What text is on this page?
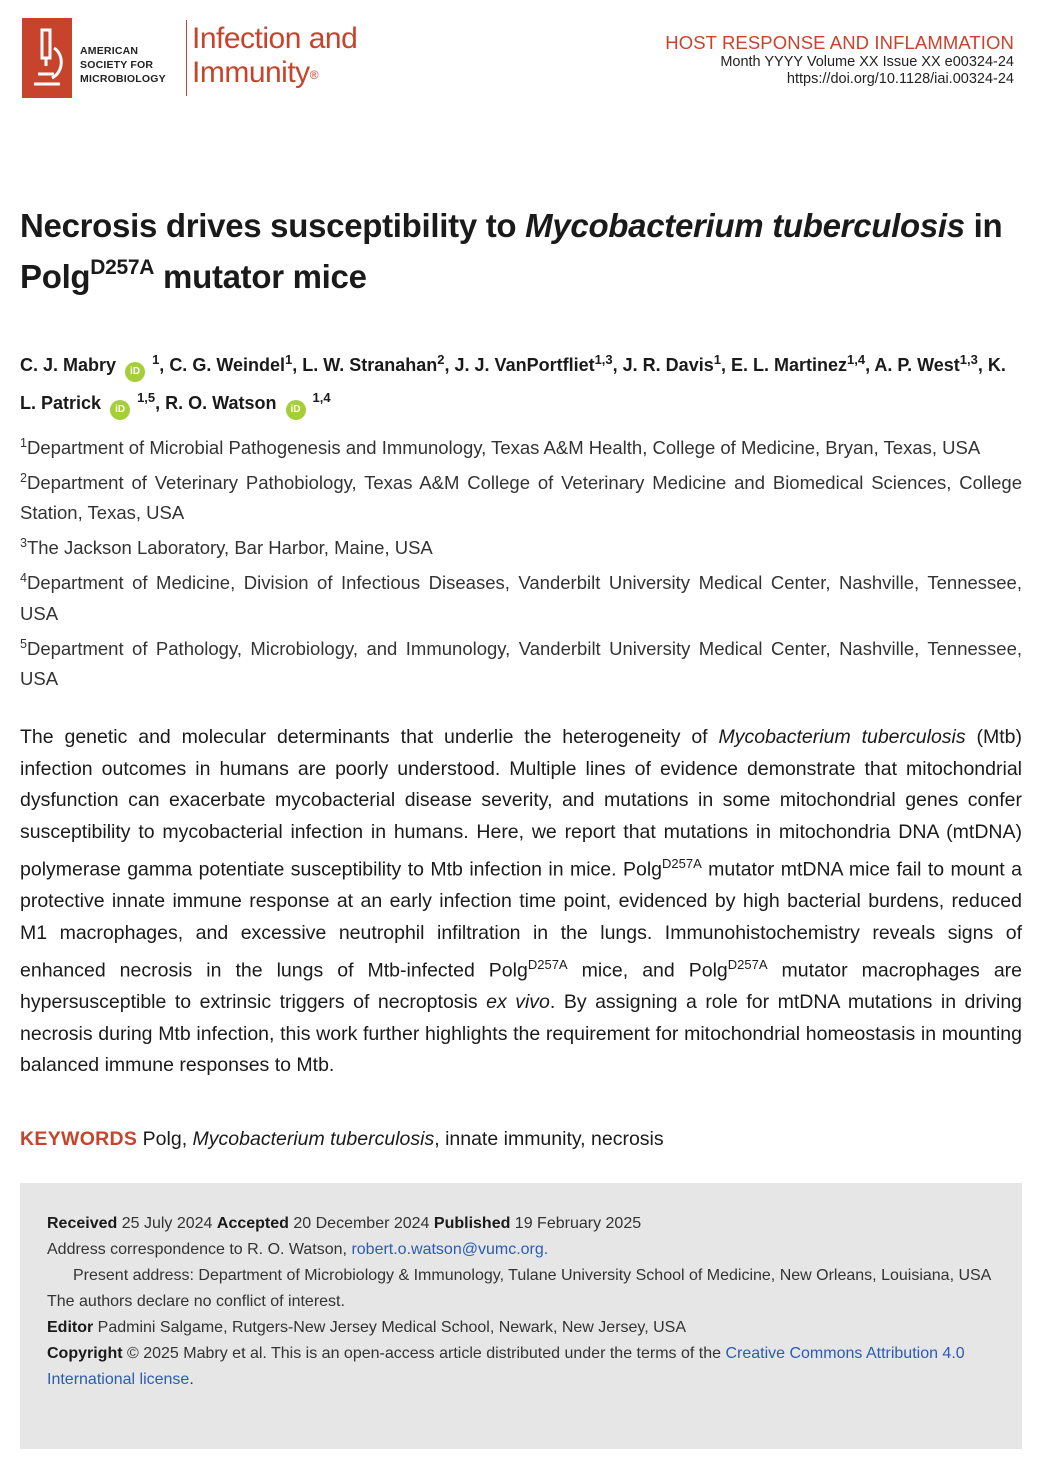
AMERICAN
SOCIETY FOR
MICROBIOLOGY
Infection and
Immunity®
HOST RESPONSE AND INFLAMMATION
Month YYYY Volume XX Issue XX e00324-24
https://doi.org/10.1128/iai.00324-24
Necrosis drives susceptibility to Mycobacterium tuberculosis in Polg$^{D257A}$ mutator mice
C. J. Mabry iD $^1$, C. G. Weindel$^1$, L. W. Stranahan$^2$, J. J. VanPortfliet$^{1,3}$, J. R. Davis$^1$, E. L. Martinez$^{1,4}$, A. P. West$^{1,3}$, K. L. Patrick iD $^{1,5}$, R. O. Watson iD $^{1,4}$
$^1$Department of Microbial Pathogenesis and Immunology, Texas A&M Health, College of Medicine, Bryan, Texas, USA
$^2$Department of Veterinary Pathobiology, Texas A&M College of Veterinary Medicine and Biomedical Sciences, College Station, Texas, USA
$^3$The Jackson Laboratory, Bar Harbor, Maine, USA
$^4$Department of Medicine, Division of Infectious Diseases, Vanderbilt University Medical Center, Nashville, Tennessee, USA
$^5$Department of Pathology, Microbiology, and Immunology, Vanderbilt University Medical Center, Nashville, Tennessee, USA
The genetic and molecular determinants that underlie the heterogeneity of Mycobacterium tuberculosis (Mtb) infection outcomes in humans are poorly understood. Multiple lines of evidence demonstrate that mitochondrial dysfunction can exacerbate mycobacterial disease severity, and mutations in some mitochondrial genes confer susceptibility to mycobacterial infection in humans. Here, we report that mutations in mitochondria DNA (mtDNA) polymerase gamma potentiate susceptibility to Mtb infection in mice. Polg$^{D257A}$ mutator mtDNA mice fail to mount a protective innate immune response at an early infection time point, evidenced by high bacterial burdens, reduced M1 macrophages, and excessive neutrophil infiltration in the lungs. Immunohistochemistry reveals signs of enhanced necrosis in the lungs of Mtb-infected Polg$^{D257A}$ mice, and Polg$^{D257A}$ mutator macrophages are hypersusceptible to extrinsic triggers of necroptosis ex vivo. By assigning a role for mtDNA mutations in driving necrosis during Mtb infection, this work further highlights the requirement for mitochondrial homeostasis in mounting balanced immune responses to Mtb.
KEYWORDS Polg, Mycobacterium tuberculosis, innate immunity, necrosis
Received 25 July 2024 Accepted 20 December 2024 Published 19 February 2025
Address correspondence to R. O. Watson, robert.o.watson@vumc.org.
Present address: Department of Microbiology & Immunology, Tulane University School of Medicine, New Orleans, Louisiana, USA
The authors declare no conflict of interest.
Editor Padmini Salgame, Rutgers-New Jersey Medical School, Newark, New Jersey, USA
Copyright © 2025 Mabry et al. This is an open-access article distributed under the terms of the Creative Commons Attribution 4.0 International license.
